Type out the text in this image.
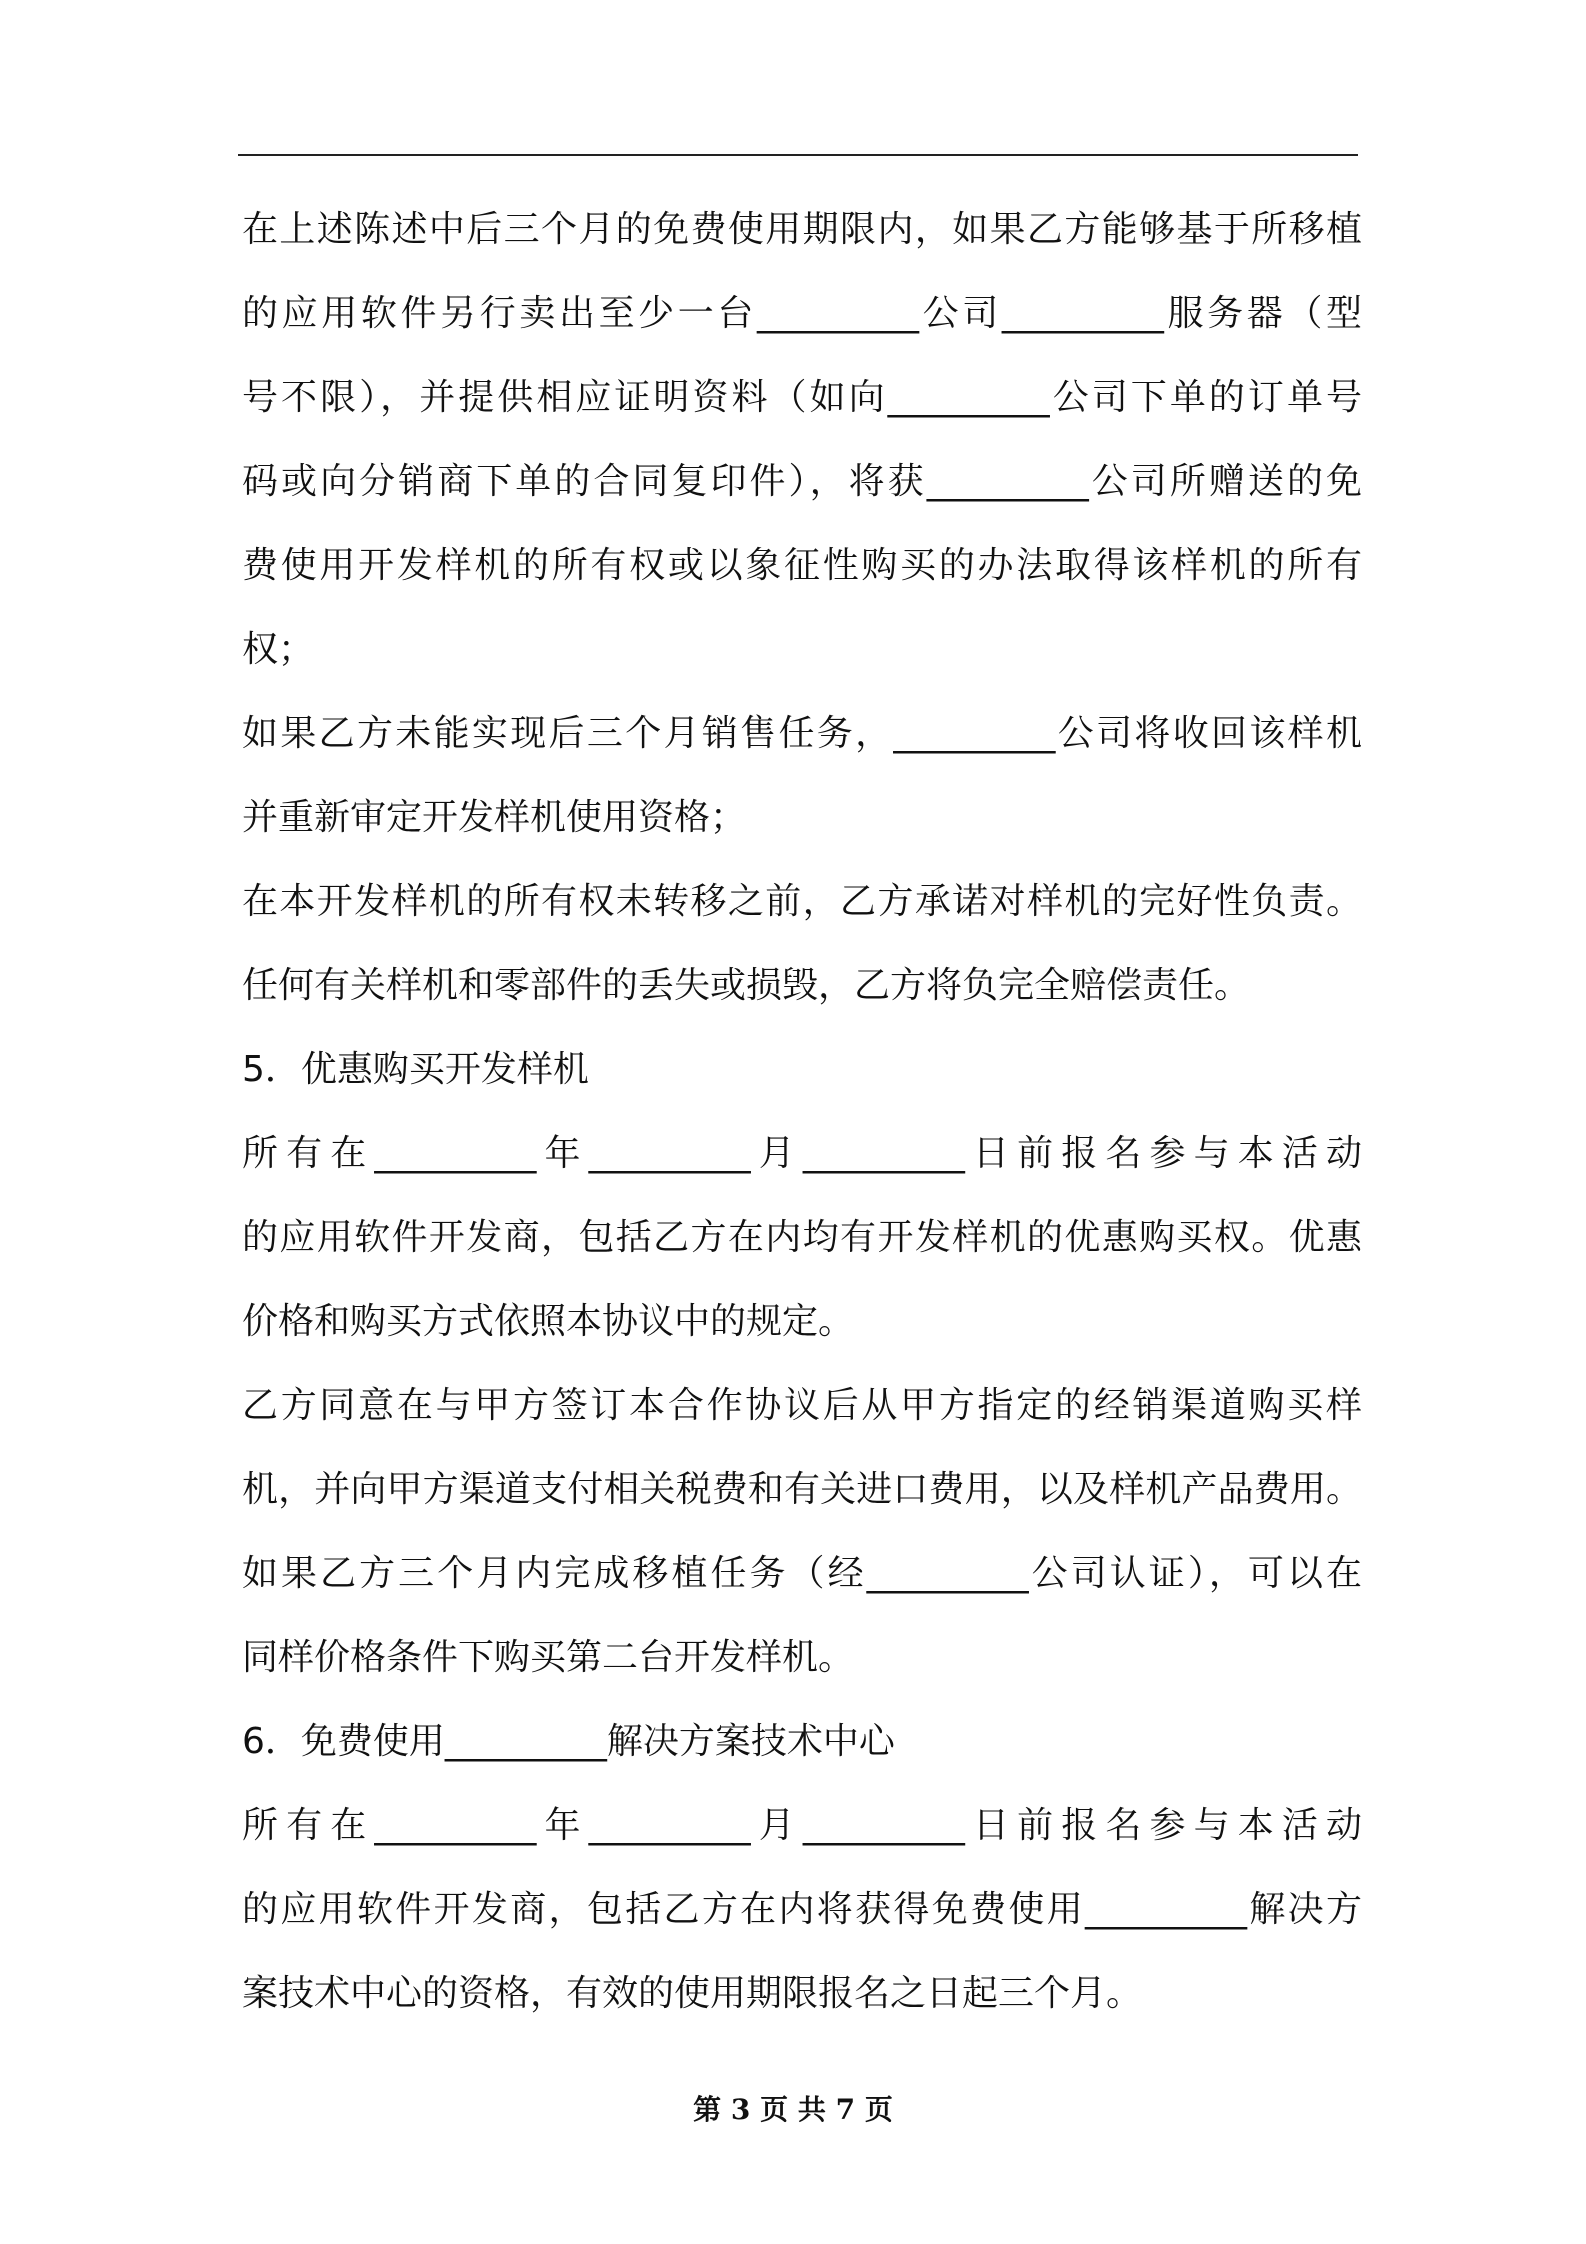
在上述陈述中后三个月的免费使用期限内，如果乙方能够基于所移植
的应用软件另行卖出至少一台_________公司_________服务器（型
号不限），并提供相应证明资料（如向_________公司下单的订单号
码或向分销商下单的合同复印件），将获_________公司所赠送的免
费使用开发样机的所有权或以象征性购买的办法取得该样机的所有
权；
如果乙方未能实现后三个月销售任务，_________公司将收回该样机
并重新审定开发样机使用资格；
在本开发样机的所有权未转移之前，乙方承诺对样机的完好性负责。
任何有关样机和零部件的丢失或损毁，乙方将负完全赔偿责任。
5．优惠购买开发样机
所有在_________年_________月_________日前报名参与本活动
的应用软件开发商，包括乙方在内均有开发样机的优惠购买权。优惠
价格和购买方式依照本协议中的规定。
乙方同意在与甲方签订本合作协议后从甲方指定的经销渠道购买样
机，并向甲方渠道支付相关税费和有关进口费用，以及样机产品费用。
如果乙方三个月内完成移植任务（经_________公司认证），可以在
同样价格条件下购买第二台开发样机。
6．免费使用_________解决方案技术中心
所有在_________年_________月_________日前报名参与本活动
的应用软件开发商，包括乙方在内将获得免费使用_________解决方
案技术中心的资格，有效的使用期限报名之日起三个月。
第 3 页 共 7 页
